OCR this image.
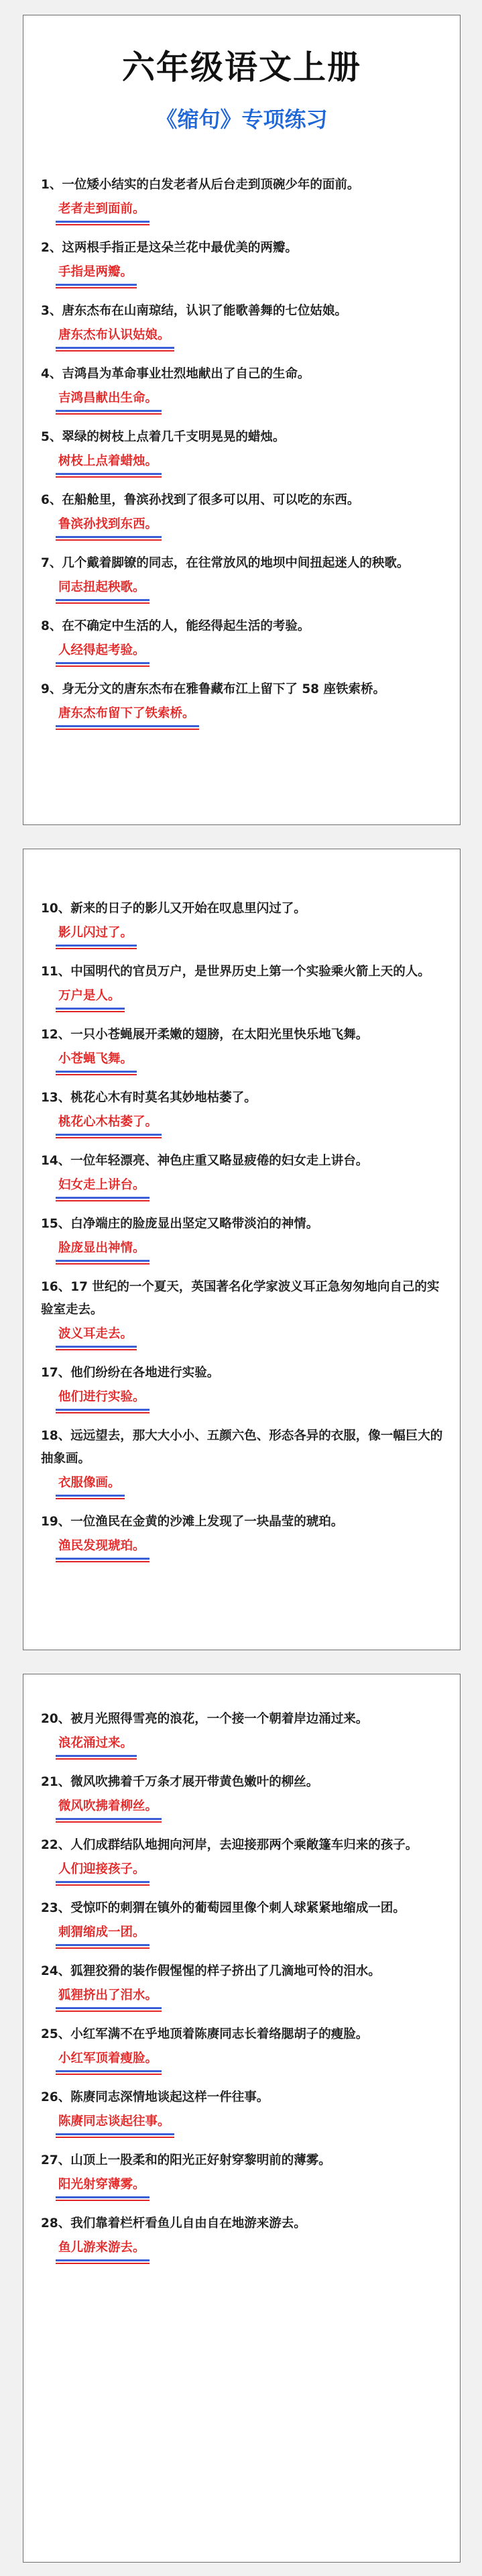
六年级语文上册
《缩句》专项练习

1、一位矮小结实的白发老者从后台走到顶碗少年的面前。

老者走到面前。

2、这两根手指正是这朵兰花中最优美的两瓣。

手指是两瓣。

3、唐东杰布在山南琼结，认识了能歌善舞的七位姑娘。

唐东杰布认识姑娘。

4、吉鸿昌为革命事业壮烈地献出了自己的生命。

吉鸿昌献出生命。

5、翠绿的树枝上点着几千支明晃晃的蜡烛。

树枝上点着蜡烛。

6、在船舱里，鲁滨孙找到了很多可以用、可以吃的东西。

鲁滨孙找到东西。

7、几个戴着脚镣的同志，在往常放风的地坝中间扭起迷人的秧歌。

同志扭起秧歌。

8、在不确定中生活的人，能经得起生活的考验。

人经得起考验。

9、身无分文的唐东杰布在雅鲁藏布江上留下了 58 座铁索桥。

唐东杰布留下了铁索桥。

10、新来的日子的影儿又开始在叹息里闪过了。

影儿闪过了。

11、中国明代的官员万户，是世界历史上第一个实验乘火箭上天的人。

万户是人。

12、一只小苍蝇展开柔嫩的翅膀，在太阳光里快乐地飞舞。

小苍蝇飞舞。

13、桃花心木有时莫名其妙地枯萎了。

桃花心木枯萎了。

14、一位年轻漂亮、神色庄重又略显疲倦的妇女走上讲台。

妇女走上讲台。

15、白净端庄的脸庞显出坚定又略带淡泊的神情。

脸庞显出神情。

16、17 世纪的一个夏天，英国著名化学家波义耳正急匆匆地向自己的实验室走去。

波义耳走去。

17、他们纷纷在各地进行实验。

他们进行实验。

18、远远望去，那大大小小、五颜六色、形态各异的衣服，像一幅巨大的抽象画。

衣服像画。

19、一位渔民在金黄的沙滩上发现了一块晶莹的琥珀。

渔民发现琥珀。

20、被月光照得雪亮的浪花，一个接一个朝着岸边涌过来。

浪花涌过来。

21、微风吹拂着千万条才展开带黄色嫩叶的柳丝。

微风吹拂着柳丝。

22、人们成群结队地拥向河岸，去迎接那两个乘敞篷车归来的孩子。

人们迎接孩子。

23、受惊吓的刺猬在镇外的葡萄园里像个刺人球紧紧地缩成一团。

刺猬缩成一团。

24、狐狸狡猾的装作假惺惺的样子挤出了几滴地可怜的泪水。

狐狸挤出了泪水。

25、小红军满不在乎地顶着陈赓同志长着络腮胡子的瘦脸。

小红军顶着瘦脸。

26、陈赓同志深情地谈起这样一件往事。

陈赓同志谈起往事。

27、山顶上一股柔和的阳光正好射穿黎明前的薄雾。

阳光射穿薄雾。

28、我们靠着栏杆看鱼儿自由自在地游来游去。

鱼儿游来游去。
